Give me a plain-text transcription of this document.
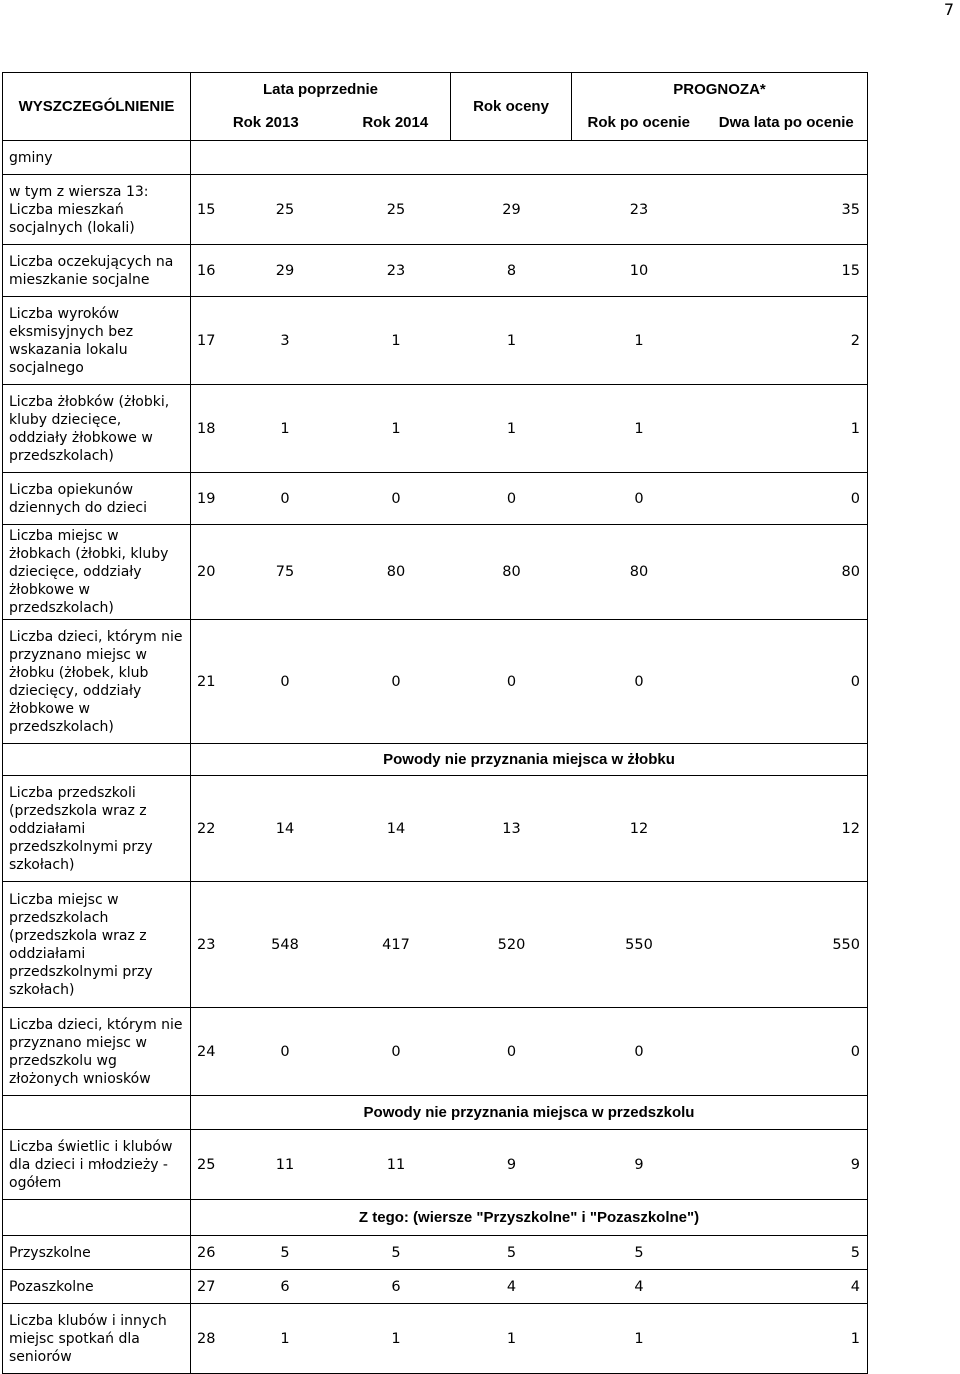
7
WYSZCZEGÓLNIENIE	Lata poprzednie	Rok oceny	PROGNOZA*
Rok 2013	Rok 2014	Rok po ocenie	Dwa lata po ocenie
gminy	
w tym z wiersza 13:
Liczba mieszkań socjalnych (lokali)	
15	25	25	29	23	35

Liczba oczekujących na mieszkanie socjalne	
16	29	23	8	10	15

Liczba wyroków eksmisyjnych bez wskazania lokalu socjalnego	
17	3	1	1	1	2

Liczba żłobków (żłobki, kluby dziecięce, oddziały żłobkowe w przedszkolach)	
18	1	1	1	1	1

Liczba opiekunów dziennych do dzieci	
19	0	0	0	0	0

Liczba miejsc w żłobkach (żłobki, kluby dziecięce, oddziały żłobkowe w przedszkolach)	
20	75	80	80	80	80

Liczba dzieci, którym nie przyznano miejsc w żłobku (żłobek, klub dziecięcy, oddziały żłobkowe w przedszkolach)	
21	0	0	0	0	0

	Powody nie przyznania miejsca w żłobku
Liczba przedszkoli (przedszkola wraz z oddziałami przedszkolnymi przy szkołach)	
22	14	14	13	12	12

Liczba miejsc w przedszkolach (przedszkola wraz z oddziałami przedszkolnymi przy szkołach)	
23	548	417	520	550	550

Liczba dzieci, którym nie przyznano miejsc w przedszkolu wg złożonych wniosków	
24	0	0	0	0	0

	Powody nie przyznania miejsca w przedszkolu
Liczba świetlic i klubów dla dzieci i młodzieży - ogółem	
25	11	11	9	9	9

	Z tego: (wiersze "Przyszkolne" i "Pozaszkolne")
Przyszkolne		26	5	5	5	5	5

Pozaszkolne		27	6	6	4	4	4

Liczba klubów i innych miejsc spotkań dla seniorów	
28	1	1	1	1	1
